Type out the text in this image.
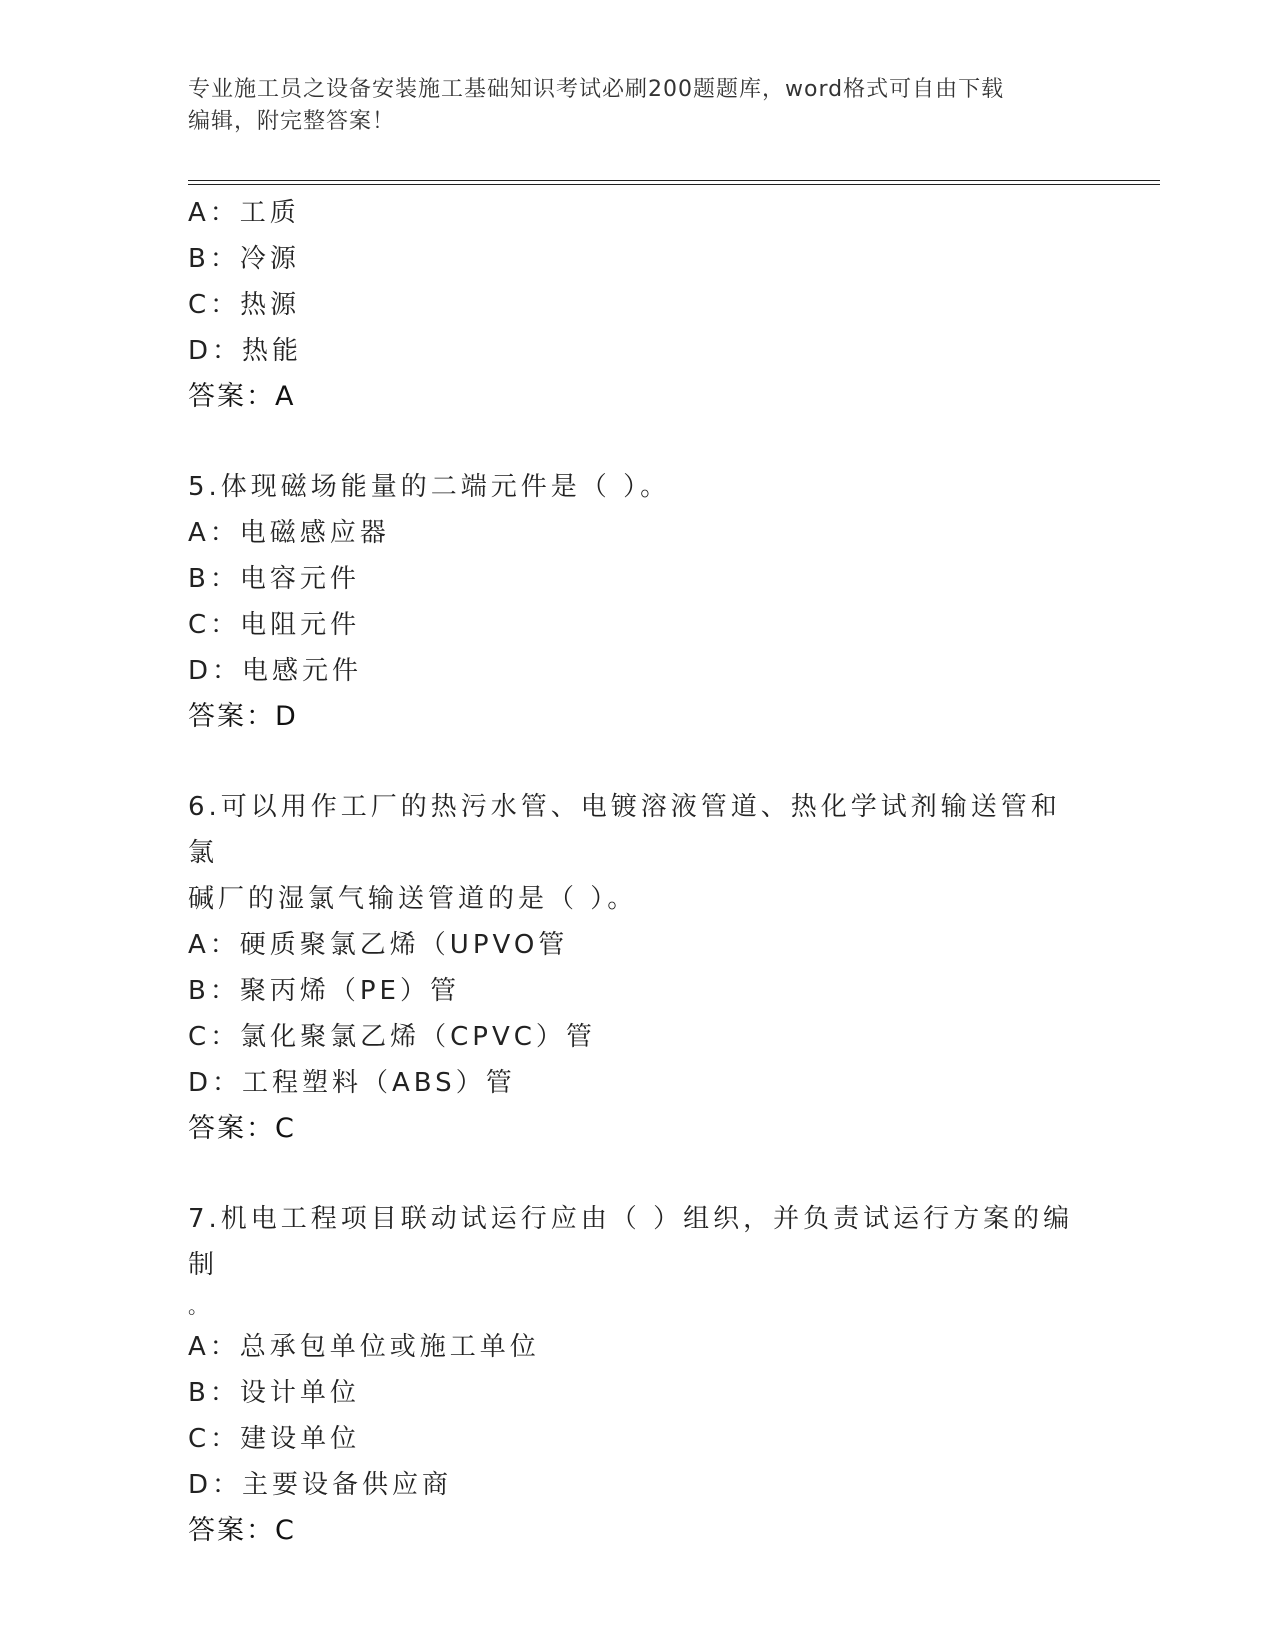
专业施工员之设备安装施工基础知识考试必刷200题题库，word格式可自由下载
编辑，附完整答案！
A：工质
B：冷源
C：热源
D：热能
答案：A
5.体现磁场能量的二端元件是（ ）。
A：电磁感应器
B：电容元件
C：电阻元件
D：电感元件
答案：D
6.可以用作工厂的热污水管、电镀溶液管道、热化学试剂输送管和氯
碱厂的湿氯气输送管道的是（ ）。
A：硬质聚氯乙烯（UPVO管
B：聚丙烯（PE）管
C：氯化聚氯乙烯（CPVC）管
D：工程塑料（ABS）管
答案：C
7.机电工程项目联动试运行应由（ ）组织，并负责试运行方案的编制
。
A：总承包单位或施工单位
B：设计单位
C：建设单位
D：主要设备供应商
答案：C
